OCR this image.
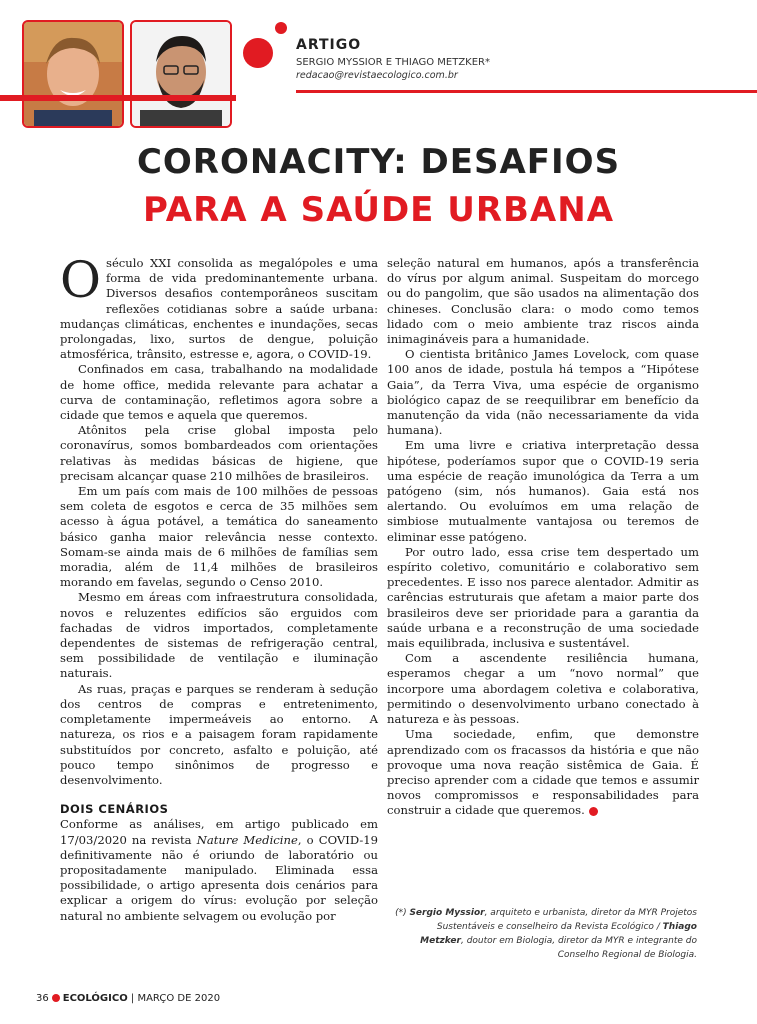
ARTIGO
SERGIO MYSSIOR E THIAGO METZKER*
redacao@revistaecologico.com.br
CORONACITY: DESAFIOS
PARA A SAÚDE URBANA

Oséculo XXI consolida as megalópoles e uma forma de vida predominantemente urbana. Diversos desafios contemporâneos suscitam reflexões cotidianas sobre a saúde urbana: mudanças climáticas, enchentes e inundações, secas prolongadas, lixo, surtos de dengue, poluição atmosférica, trânsito, estresse e, agora, o COVID-19.

Confinados em casa, trabalhando na modalidade de home office, medida relevante para achatar a curva de contaminação, refletimos agora sobre a cidade que temos e aquela que queremos.

Atônitos pela crise global imposta pelo coronavírus, somos bombardeados com orientações relativas às medidas básicas de higiene, que precisam alcançar quase 210 milhões de brasileiros.

Em um país com mais de 100 milhões de pessoas sem coleta de esgotos e cerca de 35 milhões sem acesso à água potável, a temática do saneamento básico ganha maior relevância nesse contexto. Somam-se ainda mais de 6 milhões de famílias sem moradia, além de 11,4 milhões de brasileiros morando em favelas, segundo o Censo 2010.

Mesmo em áreas com infraestrutura consolidada, novos e reluzentes edifícios são erguidos com fachadas de vidros importados, completamente dependentes de sistemas de refrigeração central, sem possibilidade de ventilação e iluminação naturais.

As ruas, praças e parques se renderam à sedução dos centros de compras e entretenimento, completamente impermeáveis ao entorno. A natureza, os rios e a paisagem foram rapidamente substituídos por concreto, asfalto e poluição, até pouco tempo sinônimos de progresso e desenvolvimento.

DOIS CENÁRIOS

Conforme as análises, em artigo publicado em 17/03/2020 na revista Nature Medicine, o COVID-19 definitivamente não é oriundo de laboratório ou propositadamente manipulado. Eliminada essa possibilidade, o artigo apresenta dois cenários para explicar a origem do vírus: evolução por seleção natural no ambiente selvagem ou evolução por

seleção natural em humanos, após a transferência do vírus por algum animal. Suspeitam do morcego ou do pangolim, que são usados na alimentação dos chineses. Conclusão clara: o modo como temos lidado com o meio ambiente traz riscos ainda inimagináveis para a humanidade.

O cientista britânico James Lovelock, com quase 100 anos de idade, postula há tempos a “Hipótese Gaia”, da Terra Viva, uma espécie de organismo biológico capaz de se reequilibrar em benefício da manutenção da vida (não necessariamente da vida humana).

Em uma livre e criativa interpretação dessa hipótese, poderíamos supor que o COVID-19 seria uma espécie de reação imunológica da Terra a um patógeno (sim, nós humanos). Gaia está nos alertando. Ou evoluímos em uma relação de simbiose mutualmente vantajosa ou teremos de eliminar esse patógeno.

Por outro lado, essa crise tem despertado um espírito coletivo, comunitário e colaborativo sem precedentes. E isso nos parece alentador. Admitir as carências estruturais que afetam a maior parte dos brasileiros deve ser prioridade para a garantia da saúde urbana e a reconstrução de uma sociedade mais equilibrada, inclusiva e sustentável.

Com a ascendente resiliência humana, esperamos chegar a um “novo normal” que incorpore uma abordagem coletiva e colaborativa, permitindo o desenvolvimento urbano conectado à natureza e às pessoas.

Uma sociedade, enfim, que demonstre aprendizado com os fracassos da história e que não provoque uma nova reação sistêmica de Gaia. É preciso aprender com a cidade que temos e assumir novos compromissos e responsabilidades para construir a cidade que queremos.

(*) Sergio Myssior, arquiteto e urbanista, diretor da MYR Projetos Sustentáveis e conselheiro da Revista Ecológico / Thiago Metzker, doutor em Biologia, diretor da MYR e integrante do Conselho Regional de Biologia.
36 ECOLÓGICO | MARÇO DE 2020
